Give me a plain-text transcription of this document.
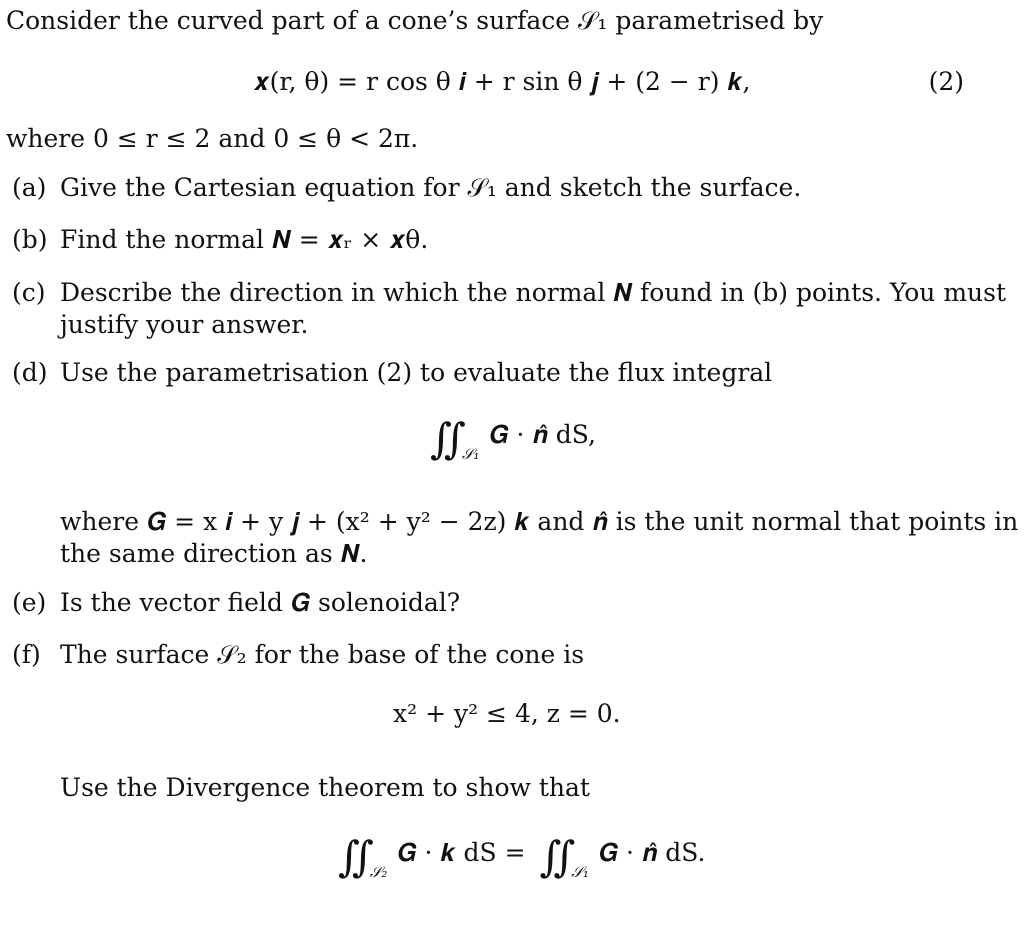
Consider the curved part of a cone’s surface 𝒮₁ parametrised by
𝒙(r, θ) = r cos θ 𝒊 + r sin θ 𝒋 + (2 − r) 𝒌,	(2)
where 0 ≤ r ≤ 2 and 0 ≤ θ < 2π.
(a) Give the Cartesian equation for 𝒮₁ and sketch the surface.
(b) Find the normal 𝑵 = 𝒙ᵣ × 𝒙θ.
(c) Describe the direction in which the normal 𝑵 found in (b) points. You must
justify your answer.
(d) Use the parametrisation (2) to evaluate the flux integral
$∬_{𝒮_1}𝑮$ · 𝒏̂ dS,
where 𝑮 = x 𝒊 + y 𝒋 + (x² + y² − 2z) 𝒌 and 𝒏̂ is the unit normal that points in
the same direction as 𝑵.
(e) Is the vector field 𝑮 solenoidal?
(f) The surface 𝒮₂ for the base of the cone is
x² + y² ≤ 4, z = 0.
Use the Divergence theorem to show that
$∬_{𝒮_2}𝑮$ · 𝒌 dS = $∬_{𝒮_1}𝑮$ · 𝒏̂ dS.
